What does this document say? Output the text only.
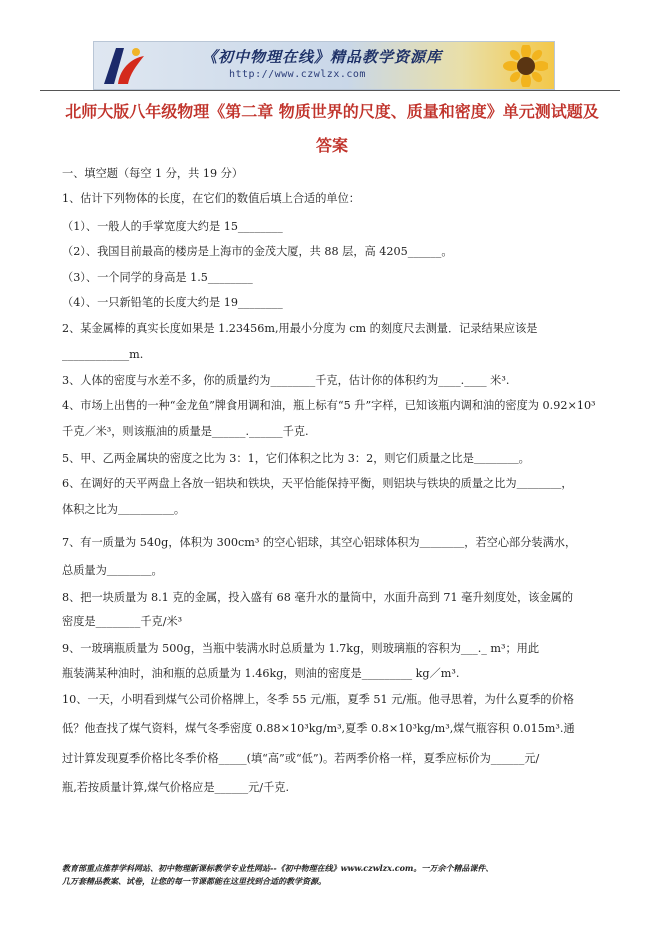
《初中物理在线》精品教学资源库
http://www.czwlzx.com
北师大版八年级物理《第二章 物质世界的尺度、质量和密度》单元测试题及
答案
一、填空题（每空 1 分，共 19 分）
1、估计下列物体的长度，在它们的数值后填上合适的单位：
（1）、一般人的手掌宽度大约是 15________
（2）、我国目前最高的楼房是上海市的金茂大厦，共 88 层，高 4205______。
（3）、一个同学的身高是 1.5________
（4）、一只新铅笔的长度大约是 19________
2、某金属棒的真实长度如果是 1.23456m,用最小分度为 cm 的刻度尺去测量．记录结果应该是
____________m.
3、人体的密度与水差不多，你的质量约为________千克，估计你的体积约为____.____ 米³.
4、市场上出售的一种“金龙鱼”牌食用调和油，瓶上标有“5 升”字样，已知该瓶内调和油的密度为 0.92×10³
千克／米³，则该瓶油的质量是______.______千克.
5、甲、乙两金属块的密度之比为 3：1，它们体积之比为 3：2，则它们质量之比是＿＿＿＿。
6、在调好的天平两盘上各放一铝块和铁块，天平恰能保持平衡，则铝块与铁块的质量之比为＿＿＿＿，
体积之比为＿＿＿＿＿。
7、有一质量为 540g，体积为 300cm³ 的空心铝球，其空心铝球体积为＿＿＿＿，若空心部分装满水，
总质量为＿＿＿＿。
8、把一块质量为 8.1 克的金属，投入盛有 68 毫升水的量筒中，水面升高到 71 毫升刻度处，该金属的
密度是________千克/米³
9、一玻璃瓶质量为 500g，当瓶中装满水时总质量为 1.7kg，则玻璃瓶的容积为___._ m³；用此
瓶装满某种油时，油和瓶的总质量为 1.46kg，则油的密度是_________ kg／m³.
10、一天，小明看到煤气公司价格牌上，冬季 55 元/瓶，夏季 51 元/瓶。他寻思着，为什么夏季的价格
低？他查找了煤气资料，煤气冬季密度 0.88×10³kg/m³,夏季 0.8×10³kg/m³,煤气瓶容积 0.015m³.通
过计算发现夏季价格比冬季价格_____(填“高”或“低”)。若两季价格一样，夏季应标价为______元/
瓶,若按质量计算,煤气价格应是______元/千克.
教育部重点推荐学科网站、初中物理新课标教学专业性网站--《初中物理在线》www.czwlzx.com。一万余个精品课件、
几万套精品教案、试卷，让您的每一节课都能在这里找到合适的教学资源。
